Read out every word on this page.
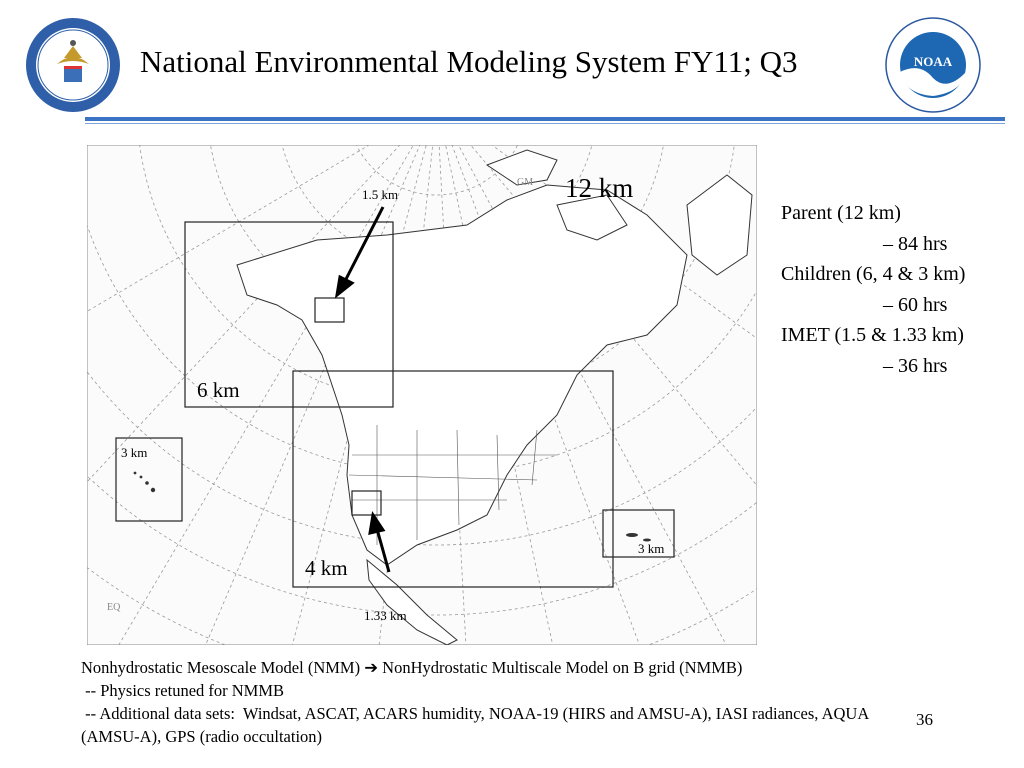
NOAA
National Environmental Modeling System FY11; Q3
12 km
6 km
3 km
3 km
4 km
1.5 km
1.33 km
GM
EQ
Parent (12 km)
– 84 hrs
Children (6, 4 & 3 km)
– 60 hrs
IMET (1.5 & 1.33 km)
– 36 hrs
Nonhydrostatic Mesoscale Model (NMM) ➔ NonHydrostatic Multiscale Model on B grid (NMMB)
-- Physics retuned for NMMB
-- Additional data sets:  Windsat, ASCAT, ACARS humidity, NOAA-19 (HIRS and AMSU-A), IASI radiances, AQUA (AMSU-A), GPS (radio occultation)
36
